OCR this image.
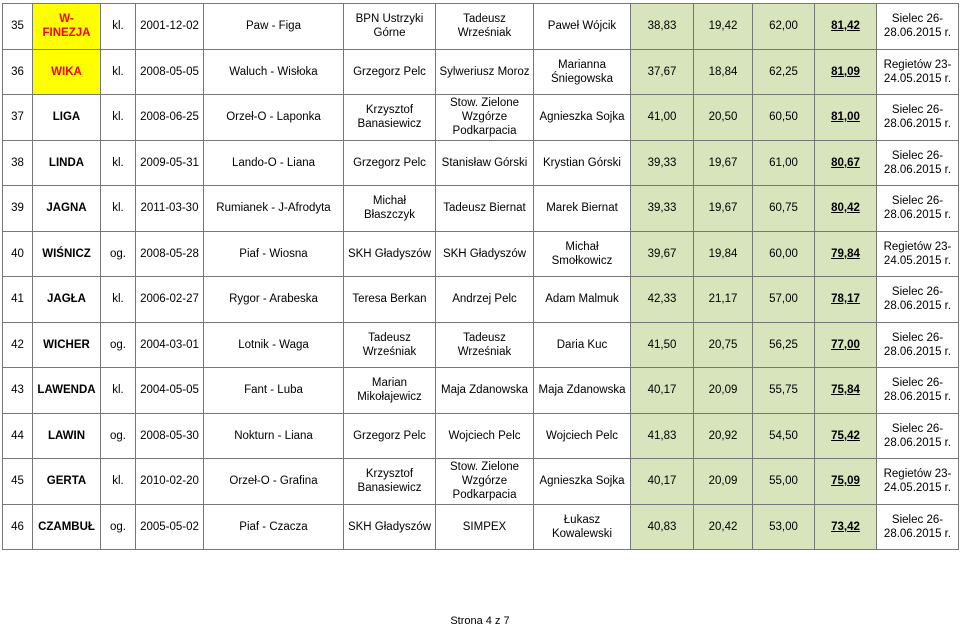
35	W-FINEZJA	kl.	2001-12-02	Paw - Figa	BPN Ustrzyki Górne	Tadeusz Wrześniak	Paweł Wójcik	38,83	19,42	62,00	81,42	Sielec 26-28.06.2015 r.
36	WIKA	kl.	2008-05-05	Waluch - Wisłoka	Grzegorz Pelc	Sylweriusz Moroz	Marianna Śniegowska	37,67	18,84	62,25	81,09	Regietów 23-24.05.2015 r.
37	LIGA	kl.	2008-06-25	Orzeł-O - Laponka	Krzysztof Banasiewicz	Stow. Zielone Wzgórze Podkarpacia	Agnieszka Sojka	41,00	20,50	60,50	81,00	Sielec 26-28.06.2015 r.
38	LINDA	kl.	2009-05-31	Lando-O - Liana	Grzegorz Pelc	Stanisław Górski	Krystian Górski	39,33	19,67	61,00	80,67	Sielec 26-28.06.2015 r.
39	JAGNA	kl.	2011-03-30	Rumianek - J-Afrodyta	Michał Błaszczyk	Tadeusz Biernat	Marek Biernat	39,33	19,67	60,75	80,42	Sielec 26-28.06.2015 r.
40	WIŚNICZ	og.	2008-05-28	Piaf - Wiosna	SKH Gładyszów	SKH Gładyszów	Michał Smołkowicz	39,67	19,84	60,00	79,84	Regietów 23-24.05.2015 r.
41	JAGŁA	kl.	2006-02-27	Rygor - Arabeska	Teresa Berkan	Andrzej Pelc	Adam Malmuk	42,33	21,17	57,00	78,17	Sielec 26-28.06.2015 r.
42	WICHER	og.	2004-03-01	Lotnik - Waga	Tadeusz Wrześniak	Tadeusz Wrześniak	Daria Kuc	41,50	20,75	56,25	77,00	Sielec 26-28.06.2015 r.
43	LAWENDA	kl.	2004-05-05	Fant - Luba	Marian Mikołajewicz	Maja Zdanowska	Maja Zdanowska	40,17	20,09	55,75	75,84	Sielec 26-28.06.2015 r.
44	LAWIN	og.	2008-05-30	Nokturn - Liana	Grzegorz Pelc	Wojciech Pelc	Wojciech Pelc	41,83	20,92	54,50	75,42	Sielec 26-28.06.2015 r.
45	GERTA	kl.	2010-02-20	Orzeł-O - Grafina	Krzysztof Banasiewicz	Stow. Zielone Wzgórze Podkarpacia	Agnieszka Sojka	40,17	20,09	55,00	75,09	Regietów 23-24.05.2015 r.
46	CZAMBUŁ	og.	2005-05-02	Piaf - Czacza	SKH Gładyszów	SIMPEX	Łukasz Kowalewski	40,83	20,42	53,00	73,42	Sielec 26-28.06.2015 r.
Strona 4 z 7
